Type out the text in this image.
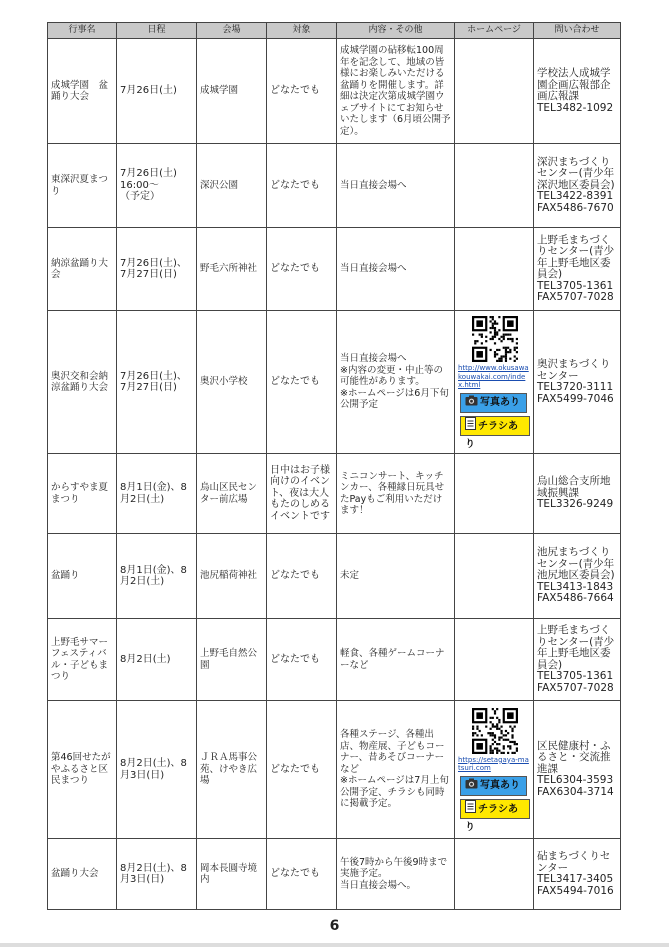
行事名	日程	会場	対象	内容・その他	ホームページ	問い合わせ
成城学園　盆踊り大会	7月26日(土)	成城学園	どなたでも	成城学園の砧移転100周年を記念して、地域の皆様にお楽しみいただける盆踊りを開催します。詳細は決定次第成城学園ウェブサイトにてお知らせいたします（6月頃公開予定）。		学校法人成城学園企画広報部企画広報課
TEL3482-1092
東深沢夏まつり	7月26日(土)
16:00～
（予定）	深沢公園	どなたでも	当日直接会場へ		深沢まちづくりセンター(青少年深沢地区委員会)
TEL3422-8391
FAX5486-7670
納涼盆踊り大会	7月26日(土)、7月27日(日)	野毛六所神社	どなたでも	当日直接会場へ		上野毛まちづくりセンター(青少年上野毛地区委員会)
TEL3705-1361
FAX5707-7028
奥沢交和会納涼盆踊り大会	7月26日(土)、7月27日(日)	奥沢小学校	どなたでも	当日直接会場へ
※内容の変更・中止等の可能性があります。
※ホームページは6月下旬公開予定	http://www.okusawakouwakai.com/index.html
写真あり
チラシあり	奥沢まちづくりセンター
TEL3720-3111
FAX5499-7046
からすやま夏まつり	8月1日(金)、8月2日(土)	烏山区民センター前広場	日中はお子様向けのイベント、夜は大人もたのしめるイベントです	ミニコンサート、キッチンカー、各種縁日玩具せたPayもご利用いただけます！		烏山総合支所地域振興課
TEL3326-9249
盆踊り	8月1日(金)、8月2日(土)	池尻稲荷神社	どなたでも	未定		池尻まちづくりセンター(青少年池尻地区委員会)
TEL3413-1843
FAX5486-7664
上野毛サマーフェスティバル・子どもまつり	8月2日(土)	上野毛自然公園	どなたでも	軽食、各種ゲームコーナーなど		上野毛まちづくりセンター(青少年上野毛地区委員会)
TEL3705-1361
FAX5707-7028
第46回せたがやふるさと区民まつり	8月2日(土)、8月3日(日)	ＪＲＡ馬事公苑、けやき広場	どなたでも	各種ステージ、各種出店、物産展、子どもコーナー、昔あそびコーナーなど
※ホームページは7月上旬公開予定、チラシも同時に掲載予定。	https://setagaya-matsuri.com
写真あり
チラシあり	区民健康村・ふるさと・交流推進課
TEL6304-3593
FAX6304-3714
盆踊り大会	8月2日(土)、8月3日(日)	岡本長圓寺境内	どなたでも	午後7時から午後9時まで実施予定。
当日直接会場へ。		砧まちづくりセンター
TEL3417-3405
FAX5494-7016
6
